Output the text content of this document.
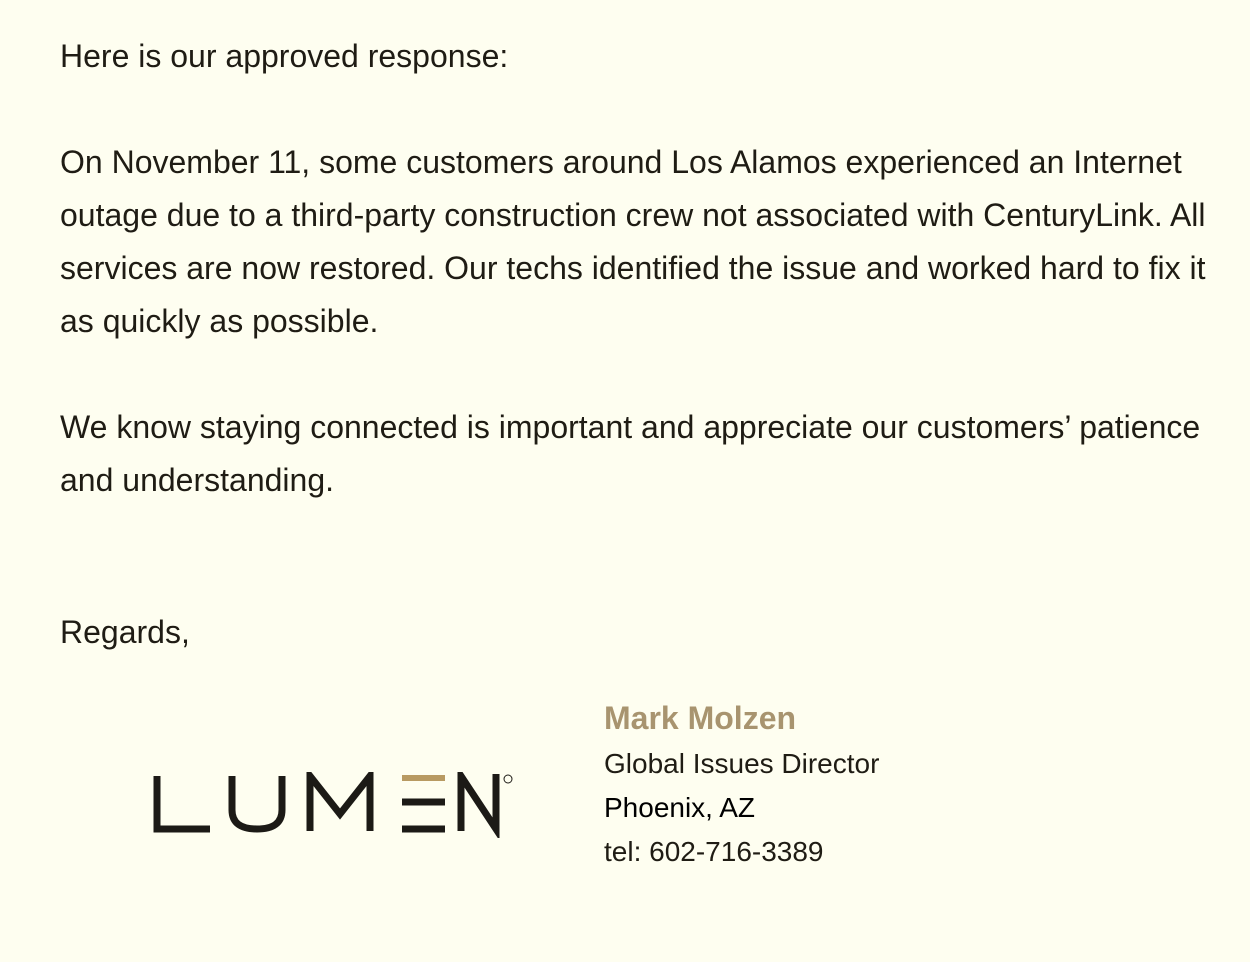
Here is our approved response:

On November 11, some customers around Los Alamos experienced an Internet outage due to a third-party construction crew not associated with CenturyLink. All services are now restored. Our techs identified the issue and worked hard to fix it as quickly as possible.

We know staying connected is important and appreciate our customers’ patience and understanding.

Regards,

Mark Molzen

Global Issues Director

Phoenix, AZ

tel: 602-716-3389
